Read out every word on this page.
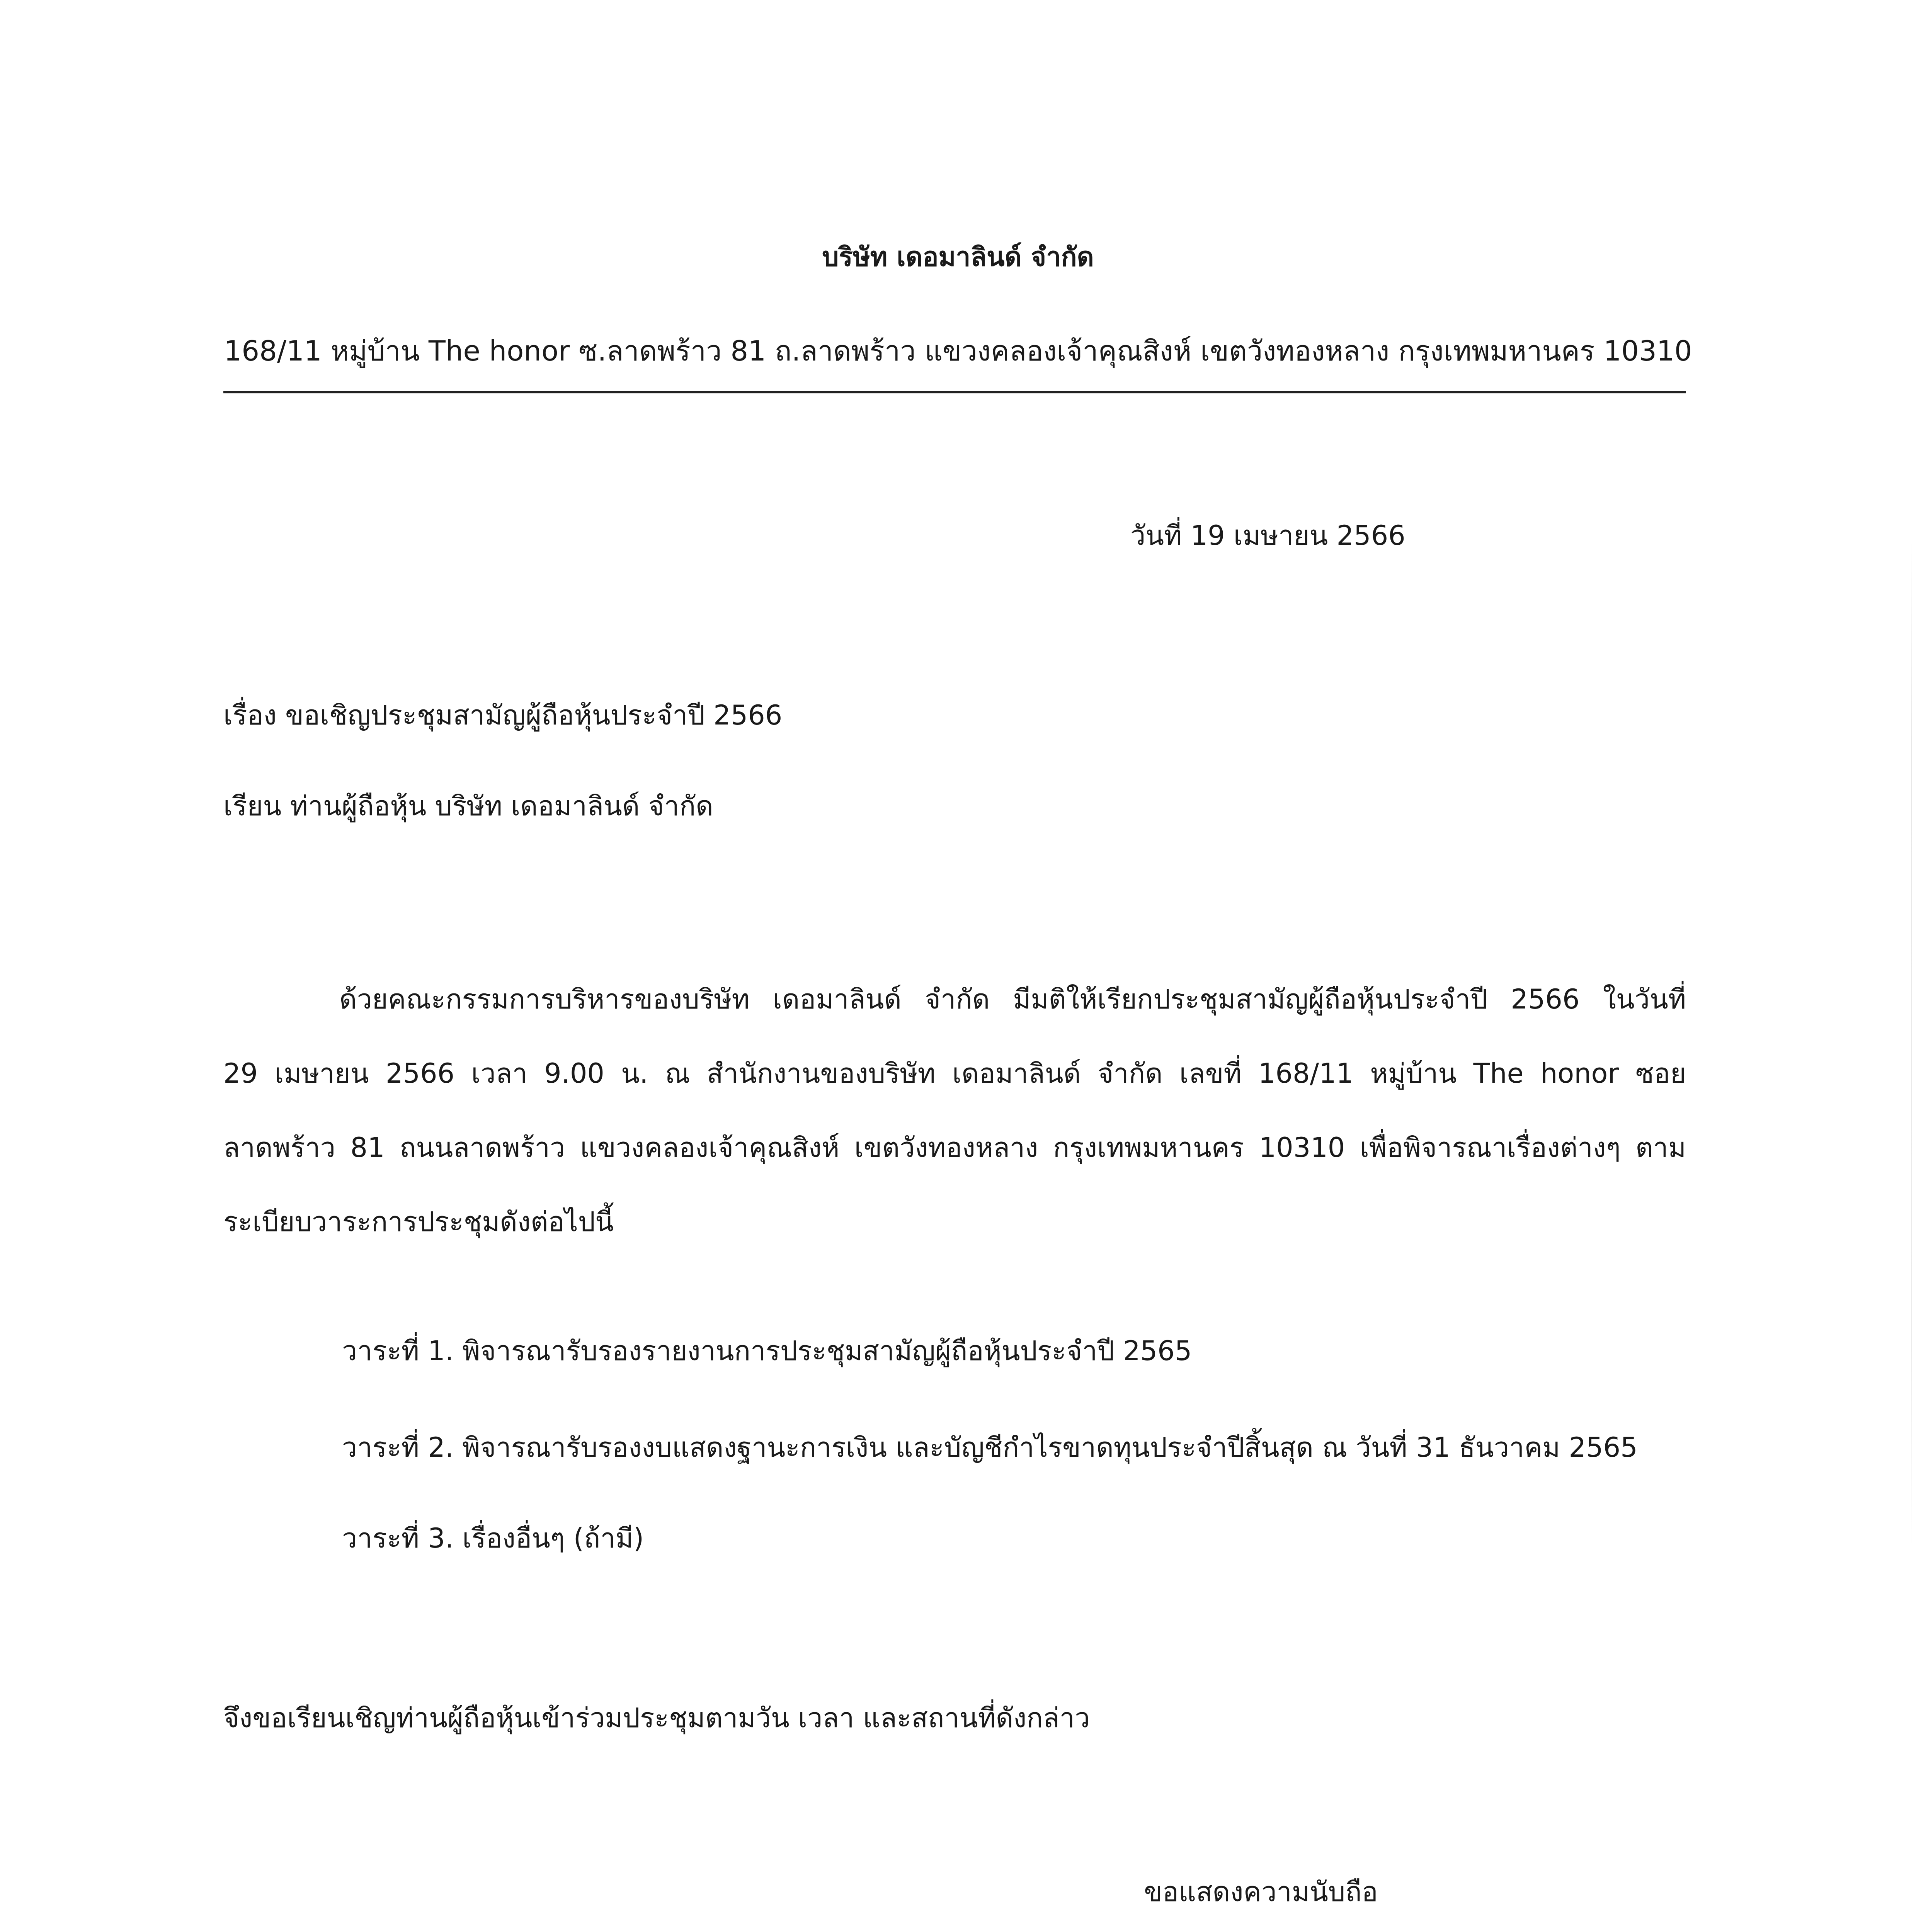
บริษัท เดอมาลินด์ จำกัด
168/11 หมู่บ้าน The honor ซ.ลาดพร้าว 81 ถ.ลาดพร้าว แขวงคลองเจ้าคุณสิงห์ เขตวังทองหลาง กรุงเทพมหานคร 10310
วันที่ 19 เมษายน 2566
เรื่อง ขอเชิญประชุมสามัญผู้ถือหุ้นประจำปี 2566
เรียน ท่านผู้ถือหุ้น บริษัท เดอมาลินด์ จำกัด
ด้วยคณะกรรมการบริหารของบริษัท เดอมาลินด์ จำกัด มีมติให้เรียกประชุมสามัญผู้ถือหุ้นประจำปี 2566 ในวันที่
29 เมษายน 2566 เวลา 9.00 น. ณ สำนักงานของบริษัท เดอมาลินด์ จำกัด เลขที่ 168/11 หมู่บ้าน The honor ซอย
ลาดพร้าว 81 ถนนลาดพร้าว แขวงคลองเจ้าคุณสิงห์ เขตวังทองหลาง กรุงเทพมหานคร 10310 เพื่อพิจารณาเรื่องต่างๆ ตาม
ระเบียบวาระการประชุมดังต่อไปนี้
วาระที่ 1. พิจารณารับรองรายงานการประชุมสามัญผู้ถือหุ้นประจำปี 2565
วาระที่ 2. พิจารณารับรองงบแสดงฐานะการเงิน และบัญชีกำไรขาดทุนประจำปีสิ้นสุด ณ วันที่ 31 ธันวาคม 2565
วาระที่ 3. เรื่องอื่นๆ (ถ้ามี)
จึงขอเรียนเชิญท่านผู้ถือหุ้นเข้าร่วมประชุมตามวัน เวลา และสถานที่ดังกล่าว
ขอแสดงความนับถือ
